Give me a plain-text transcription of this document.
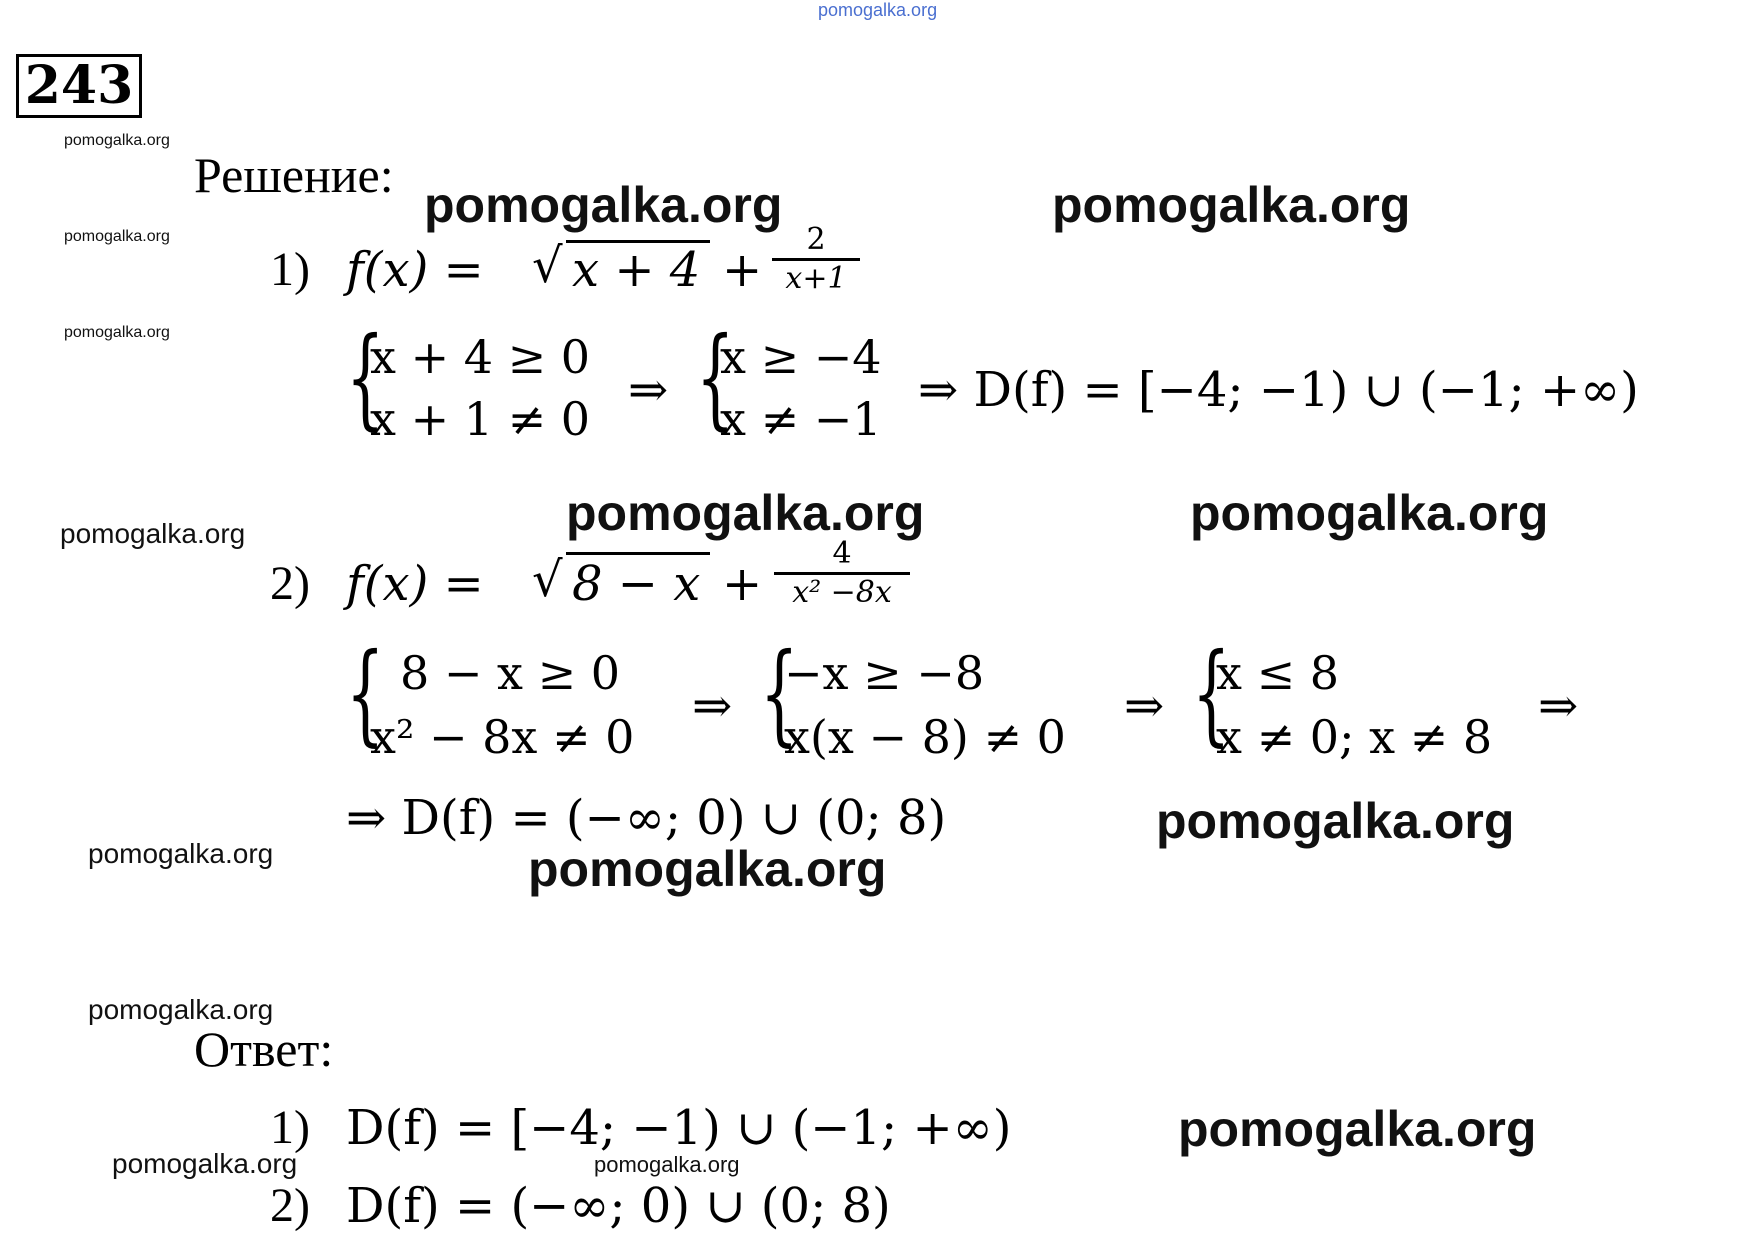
pomogalka.org
243
pomogalka.org
pomogalka.org
pomogalka.org
Решение:
pomogalka.org	pomogalka.org
1) f(x) = √ x + 4 +
2
x+1
{
x + 4 ≥ 0
x + 1 ≠ 0
⇒ {
x ≥ −4
x ≠ −1
⇒ D(f) = [−4; −1) ∪ (−1; +∞)
pomogalka.org	pomogalka.org
pomogalka.org
2) f(x) = √ 8 − x +
4
x² −8x
{ 8 − x ≥ 0
x² − 8x ≠ 0
⇒ {
−x ≥ −8
x(x − 8) ≠ 0
⇒ {
x ≤ 8
x ≠ 0; x ≠ 8
⇒
⇒ D(f) = (−∞; 0) ∪ (0; 8)	pomogalka.org
pomogalka.org	pomogalka.org
pomogalka.org
Ответ:
1) D(f) = [−4; −1) ∪ (−1; +∞)	pomogalka.org
pomogalka.org	pomogalka.org
2) D(f) = (−∞; 0) ∪ (0; 8)
